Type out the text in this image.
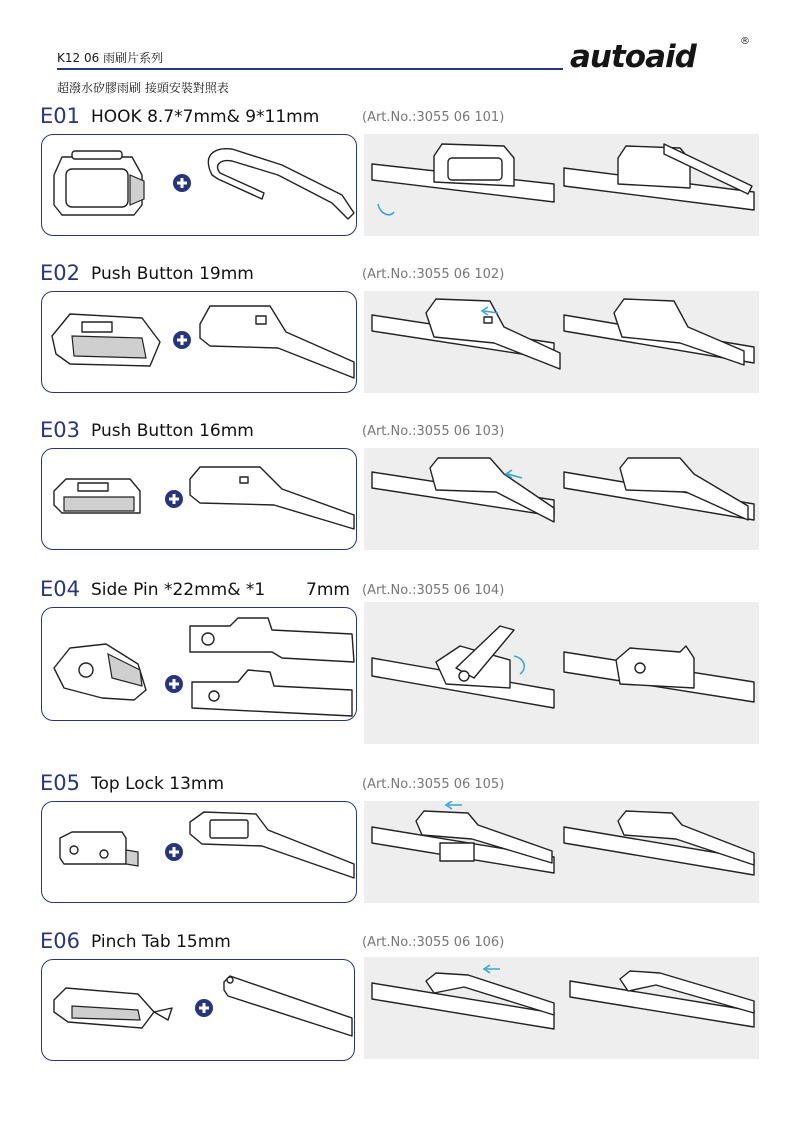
K12 06 雨刷片系列
超潑水矽膠雨刷 接頭安裝對照表
autoaid	®
E01 HOOK 8.7*7mm& 9*11mm	(Art.No.:3055 06 101)
E02 Push Button 19mm	(Art.No.:3055 06 102)
E03 Push Button 16mm	(Art.No.:3055 06 103)
E04 Side Pin *22mm& *1 7mm (Art.No.:3055 06 104)
E05 Top Lock 13mm	(Art.No.:3055 06 105)
E06 Pinch Tab 15mm	(Art.No.:3055 06 106)
